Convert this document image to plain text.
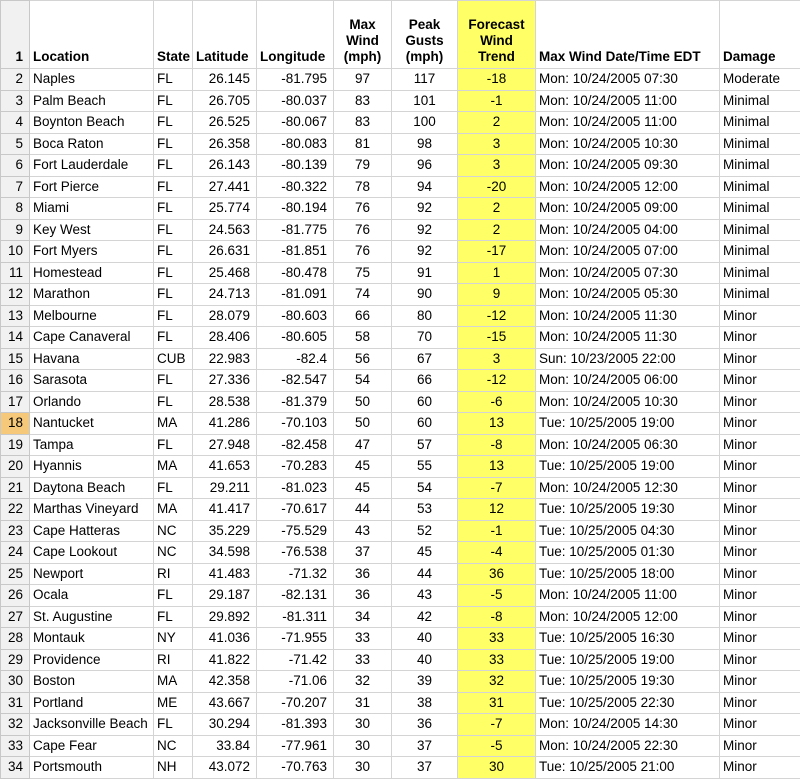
1	Location	State	Latitude	Longitude	Max
Wind
(mph)	Peak
Gusts
(mph)	Forecast
Wind
Trend	Max Wind Date/Time EDT	Damage
2	Naples	FL	26.145	-81.795	97	117	-18	Mon: 10/24/2005 07:30	Moderate
3	Palm Beach	FL	26.705	-80.037	83	101	-1	Mon: 10/24/2005 11:00	Minimal
4	Boynton Beach	FL	26.525	-80.067	83	100	2	Mon: 10/24/2005 11:00	Minimal
5	Boca Raton	FL	26.358	-80.083	81	98	3	Mon: 10/24/2005 10:30	Minimal
6	Fort Lauderdale	FL	26.143	-80.139	79	96	3	Mon: 10/24/2005 09:30	Minimal
7	Fort Pierce	FL	27.441	-80.322	78	94	-20	Mon: 10/24/2005 12:00	Minimal
8	Miami	FL	25.774	-80.194	76	92	2	Mon: 10/24/2005 09:00	Minimal
9	Key West	FL	24.563	-81.775	76	92	2	Mon: 10/24/2005 04:00	Minimal
10	Fort Myers	FL	26.631	-81.851	76	92	-17	Mon: 10/24/2005 07:00	Minimal
11	Homestead	FL	25.468	-80.478	75	91	1	Mon: 10/24/2005 07:30	Minimal
12	Marathon	FL	24.713	-81.091	74	90	9	Mon: 10/24/2005 05:30	Minimal
13	Melbourne	FL	28.079	-80.603	66	80	-12	Mon: 10/24/2005 11:30	Minor
14	Cape Canaveral	FL	28.406	-80.605	58	70	-15	Mon: 10/24/2005 11:30	Minor
15	Havana	CUB	22.983	-82.4	56	67	3	Sun: 10/23/2005 22:00	Minor
16	Sarasota	FL	27.336	-82.547	54	66	-12	Mon: 10/24/2005 06:00	Minor
17	Orlando	FL	28.538	-81.379	50	60	-6	Mon: 10/24/2005 10:30	Minor
18	Nantucket	MA	41.286	-70.103	50	60	13	Tue: 10/25/2005 19:00	Minor
19	Tampa	FL	27.948	-82.458	47	57	-8	Mon: 10/24/2005 06:30	Minor
20	Hyannis	MA	41.653	-70.283	45	55	13	Tue: 10/25/2005 19:00	Minor
21	Daytona Beach	FL	29.211	-81.023	45	54	-7	Mon: 10/24/2005 12:30	Minor
22	Marthas Vineyard	MA	41.417	-70.617	44	53	12	Tue: 10/25/2005 19:30	Minor
23	Cape Hatteras	NC	35.229	-75.529	43	52	-1	Tue: 10/25/2005 04:30	Minor
24	Cape Lookout	NC	34.598	-76.538	37	45	-4	Tue: 10/25/2005 01:30	Minor
25	Newport	RI	41.483	-71.32	36	44	36	Tue: 10/25/2005 18:00	Minor
26	Ocala	FL	29.187	-82.131	36	43	-5	Mon: 10/24/2005 11:00	Minor
27	St. Augustine	FL	29.892	-81.311	34	42	-8	Mon: 10/24/2005 12:00	Minor
28	Montauk	NY	41.036	-71.955	33	40	33	Tue: 10/25/2005 16:30	Minor
29	Providence	RI	41.822	-71.42	33	40	33	Tue: 10/25/2005 19:00	Minor
30	Boston	MA	42.358	-71.06	32	39	32	Tue: 10/25/2005 19:30	Minor
31	Portland	ME	43.667	-70.207	31	38	31	Tue: 10/25/2005 22:30	Minor
32	Jacksonville Beach	FL	30.294	-81.393	30	36	-7	Mon: 10/24/2005 14:30	Minor
33	Cape Fear	NC	33.84	-77.961	30	37	-5	Mon: 10/24/2005 22:30	Minor
34	Portsmouth	NH	43.072	-70.763	30	37	30	Tue: 10/25/2005 21:00	Minor
